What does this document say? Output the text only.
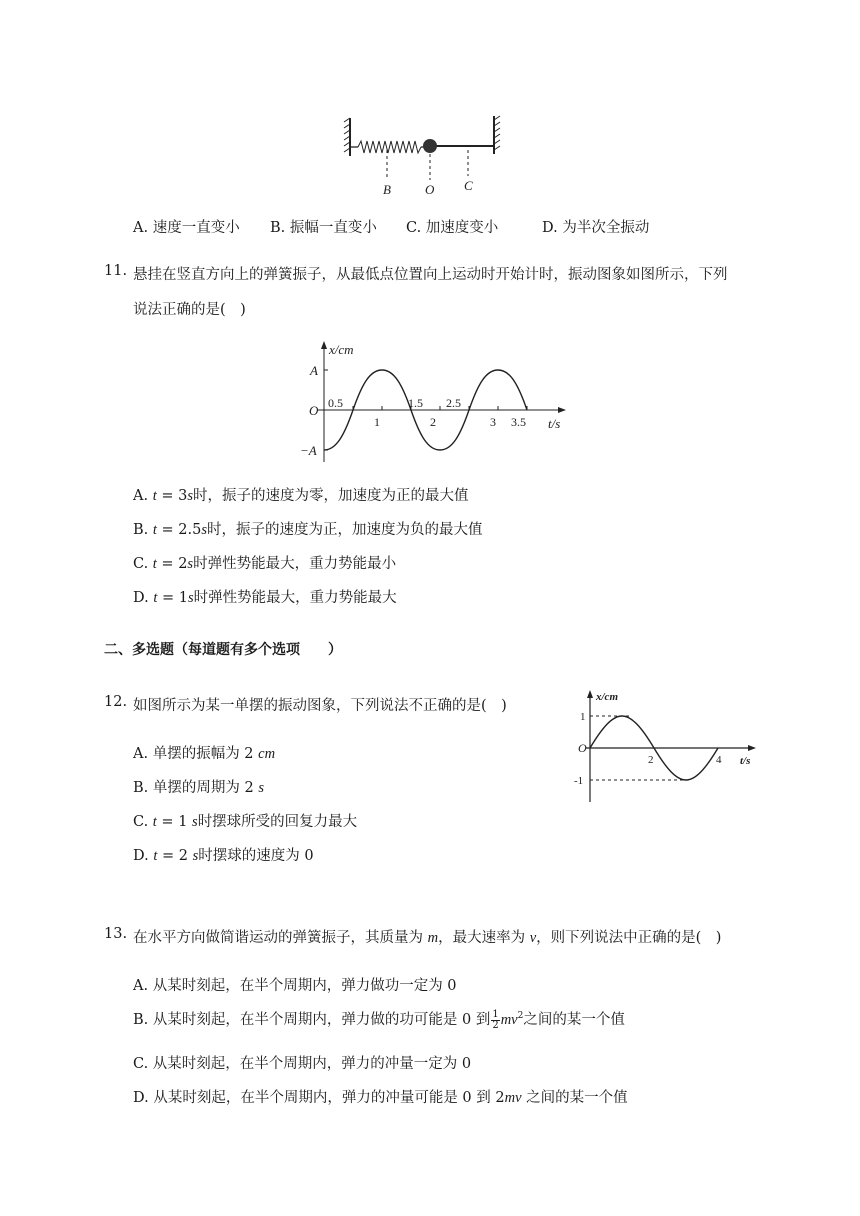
B	O C
A. 速度一直变小 B. 振幅一直变小 C. 加速度变小	D. 为半次全振动
11. 悬挂在竖直方向上的弹簧振子，从最低点位置向上运动时开始计时，振动图象如图所示，下列
说法正确的是(　)
x/cm
t/s
A
−A
O 0.5
1
1.5
2
2.5
3 3.5
A. t = 3s时，振子的速度为零，加速度为正的最大值
B. t = 2.5s时，振子的速度为正，加速度为负的最大值
C. t = 2s时弹性势能最大，重力势能最小
D. t = 1s时弹性势能最大，重力势能最大
二、多选题（每道题有多个选项　　）
12. 如图所示为某一单摆的振动图象，下列说法不正确的是(　)
x/cm
t/s
1
-1
O
2	4
A. 单摆的振幅为 2 cm
B. 单摆的周期为 2 s
C. t = 1 s时摆球所受的回复力最大
D. t = 2 s时摆球的速度为 0
13. 在水平方向做简谐运动的弹簧振子，其质量为 m，最大速率为 v，则下列说法中正确的是(　)
A. 从某时刻起，在半个周期内，弹力做功一定为 0
B. 从某时刻起，在半个周期内，弹力做的功可能是 0 到 $\frac{1}{2} mv^2$之间的某一个值
C. 从某时刻起，在半个周期内，弹力的冲量一定为 0
D. 从某时刻起，在半个周期内，弹力的冲量可能是 0 到 2mv 之间的某一个值
